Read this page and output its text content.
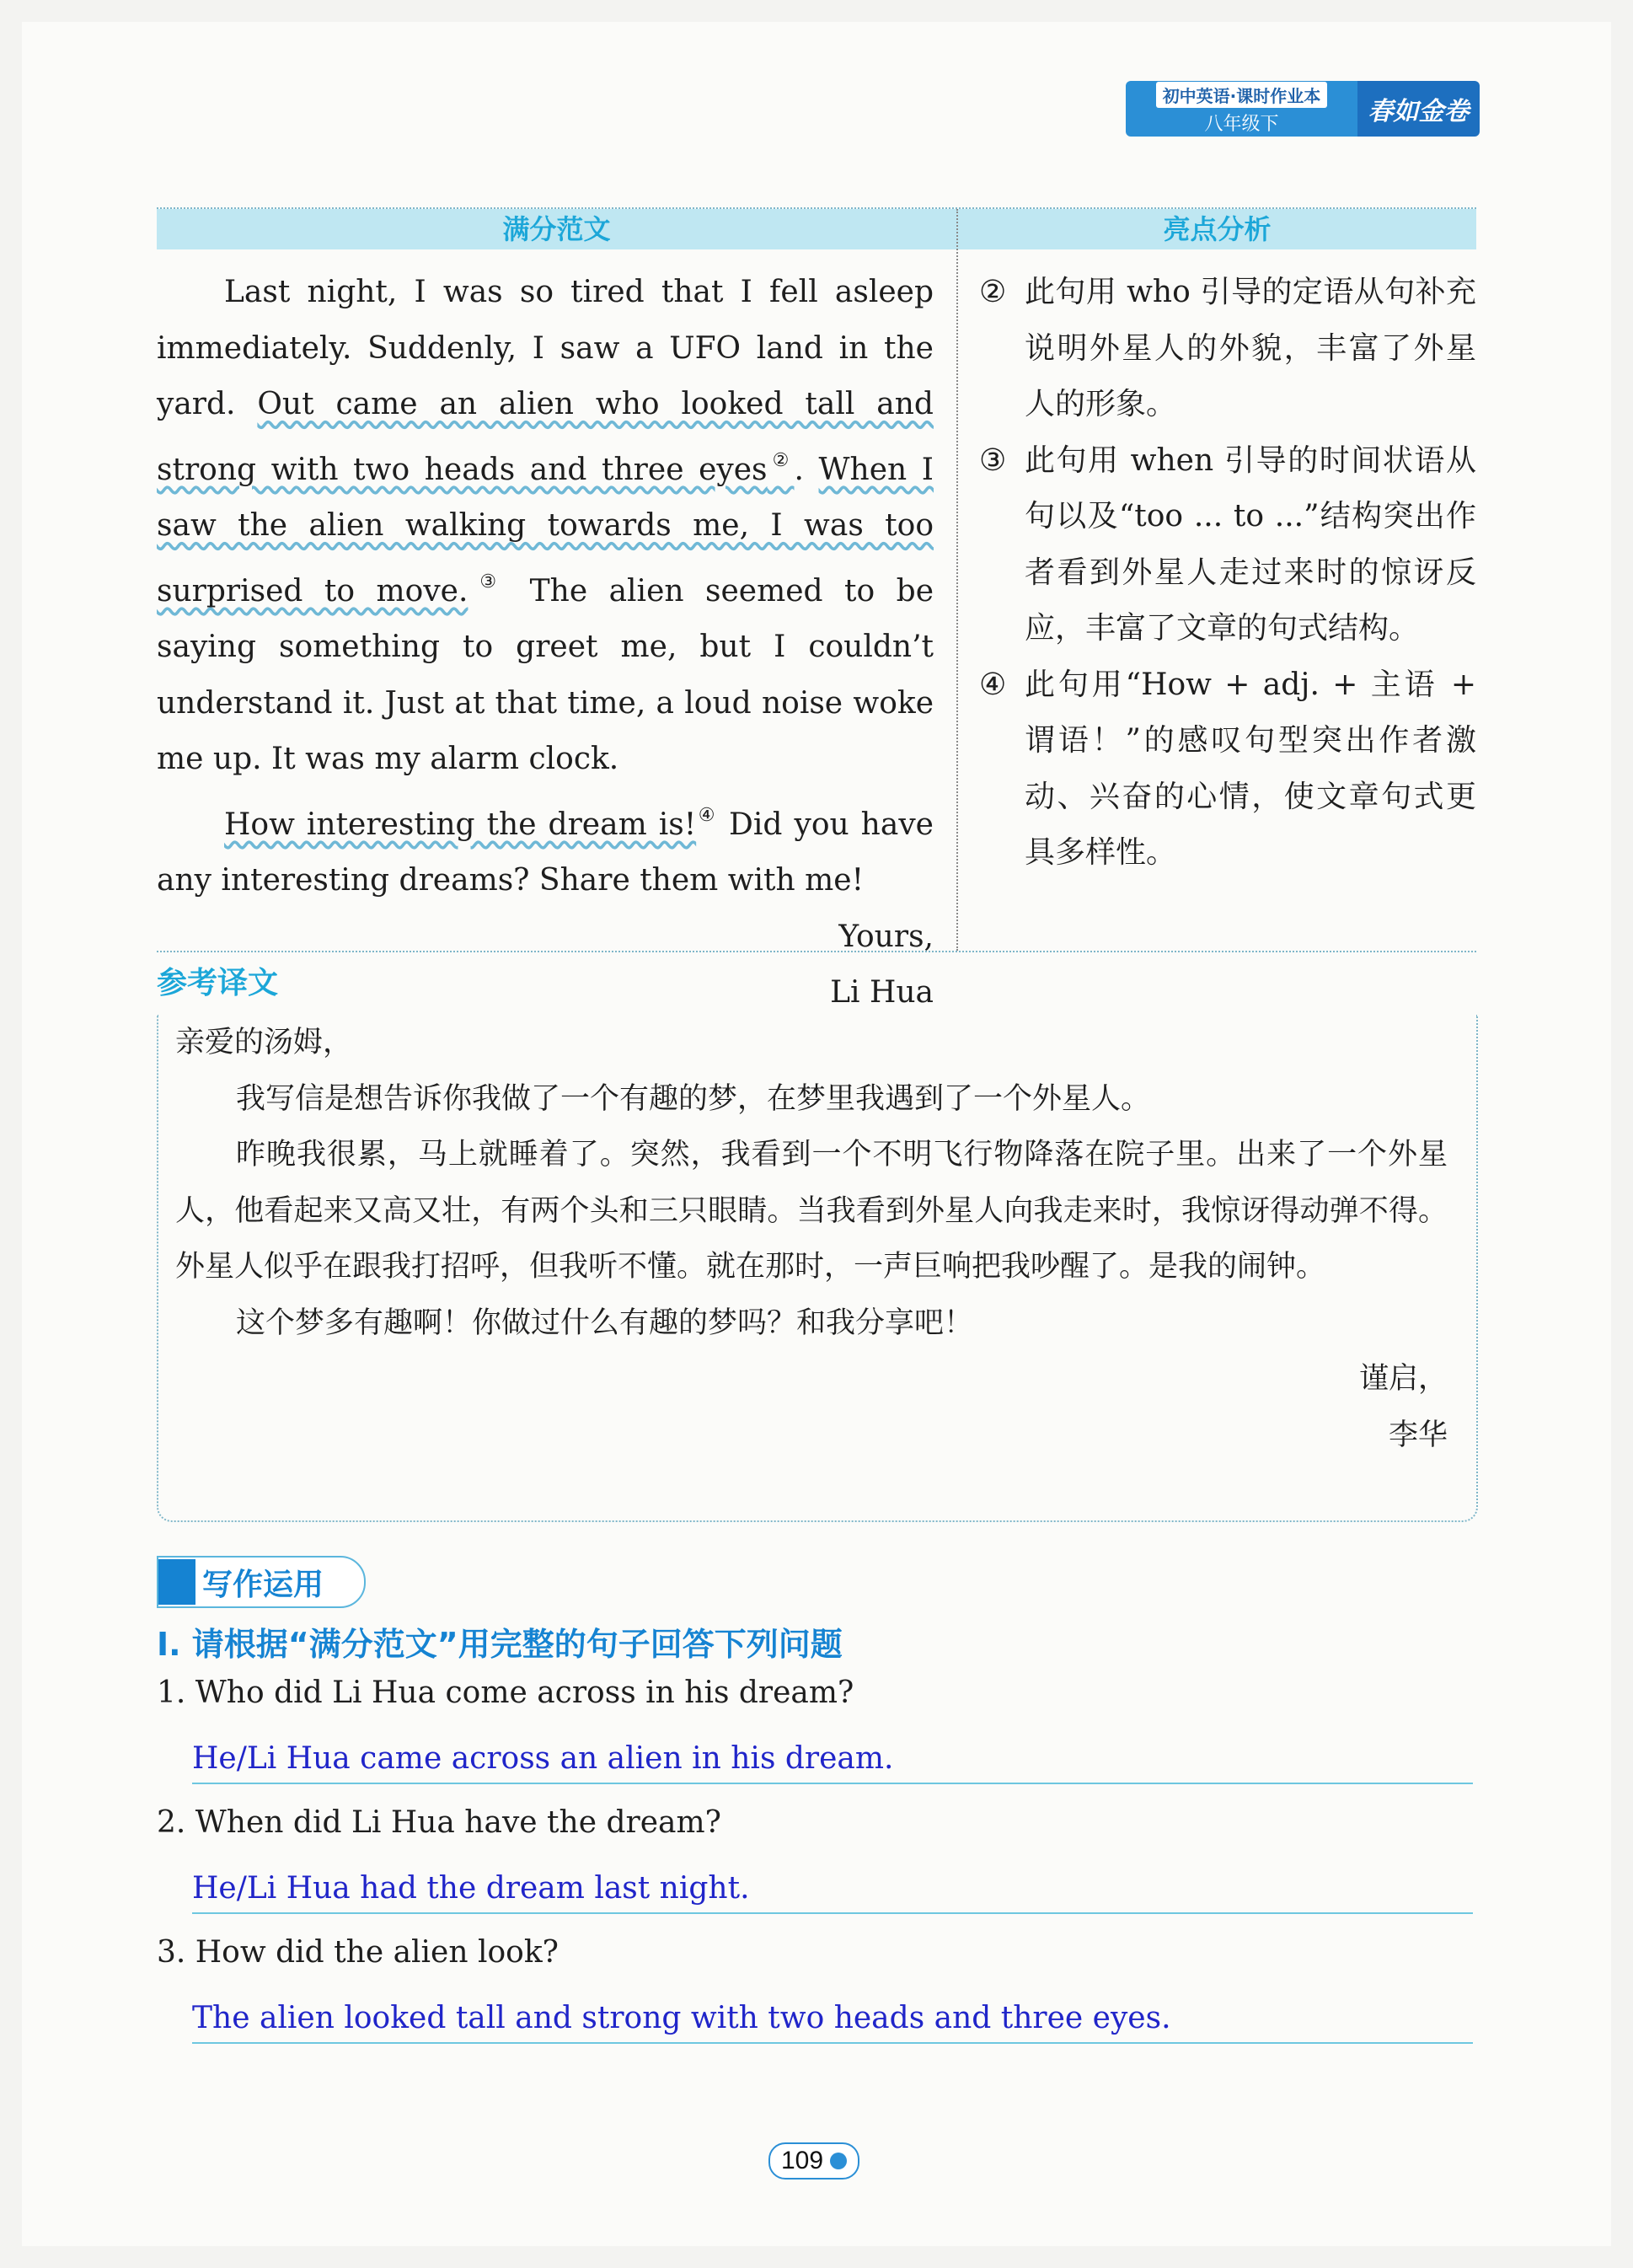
初中英语·课时作业本
八年级下	春如金卷
满分范文	亮点分析

Last night, I was so tired that I fell asleep immediately. Suddenly, I saw a UFO land in the yard. Out came an alien who looked tall and strong with two heads and three eyes②. When I saw the alien walking towards me, I was too surprised to move.③ The alien seemed to be saying something to greet me, but I couldn’t understand it. Just at that time, a loud noise woke me up. It was my alarm clock.

How interesting the dream is!④ Did you have any interesting dreams? Share them with me!

Yours,

Li Hua

② 此句用 who 引导的定语从句补充说明外星人的外貌，丰富了外星人的形象。
③ 此句用 when 引导的时间状语从句以及“too ... to ...”结构突出作者看到外星人走过来时的惊讶反应，丰富了文章的句式结构。
④ 此句用“How + adj. + 主语 + 谓语！”的感叹句型突出作者激动、兴奋的心情，使文章句式更具多样性。
参考译文

亲爱的汤姆，

我写信是想告诉你我做了一个有趣的梦，在梦里我遇到了一个外星人。

昨晚我很累，马上就睡着了。突然，我看到一个不明飞行物降落在院子里。出来了一个外星人，他看起来又高又壮，有两个头和三只眼睛。当我看到外星人向我走来时，我惊讶得动弹不得。外星人似乎在跟我打招呼，但我听不懂。就在那时，一声巨响把我吵醒了。是我的闹钟。

这个梦多有趣啊！你做过什么有趣的梦吗？和我分享吧！

谨启，

李华

写作运用
I. 请根据“满分范文”用完整的句子回答下列问题
1. Who did Li Hua come across in his dream?
He/Li Hua came across an alien in his dream.
2. When did Li Hua have the dream?
He/Li Hua had the dream last night.
3. How did the alien look?
The alien looked tall and strong with two heads and three eyes.
109
